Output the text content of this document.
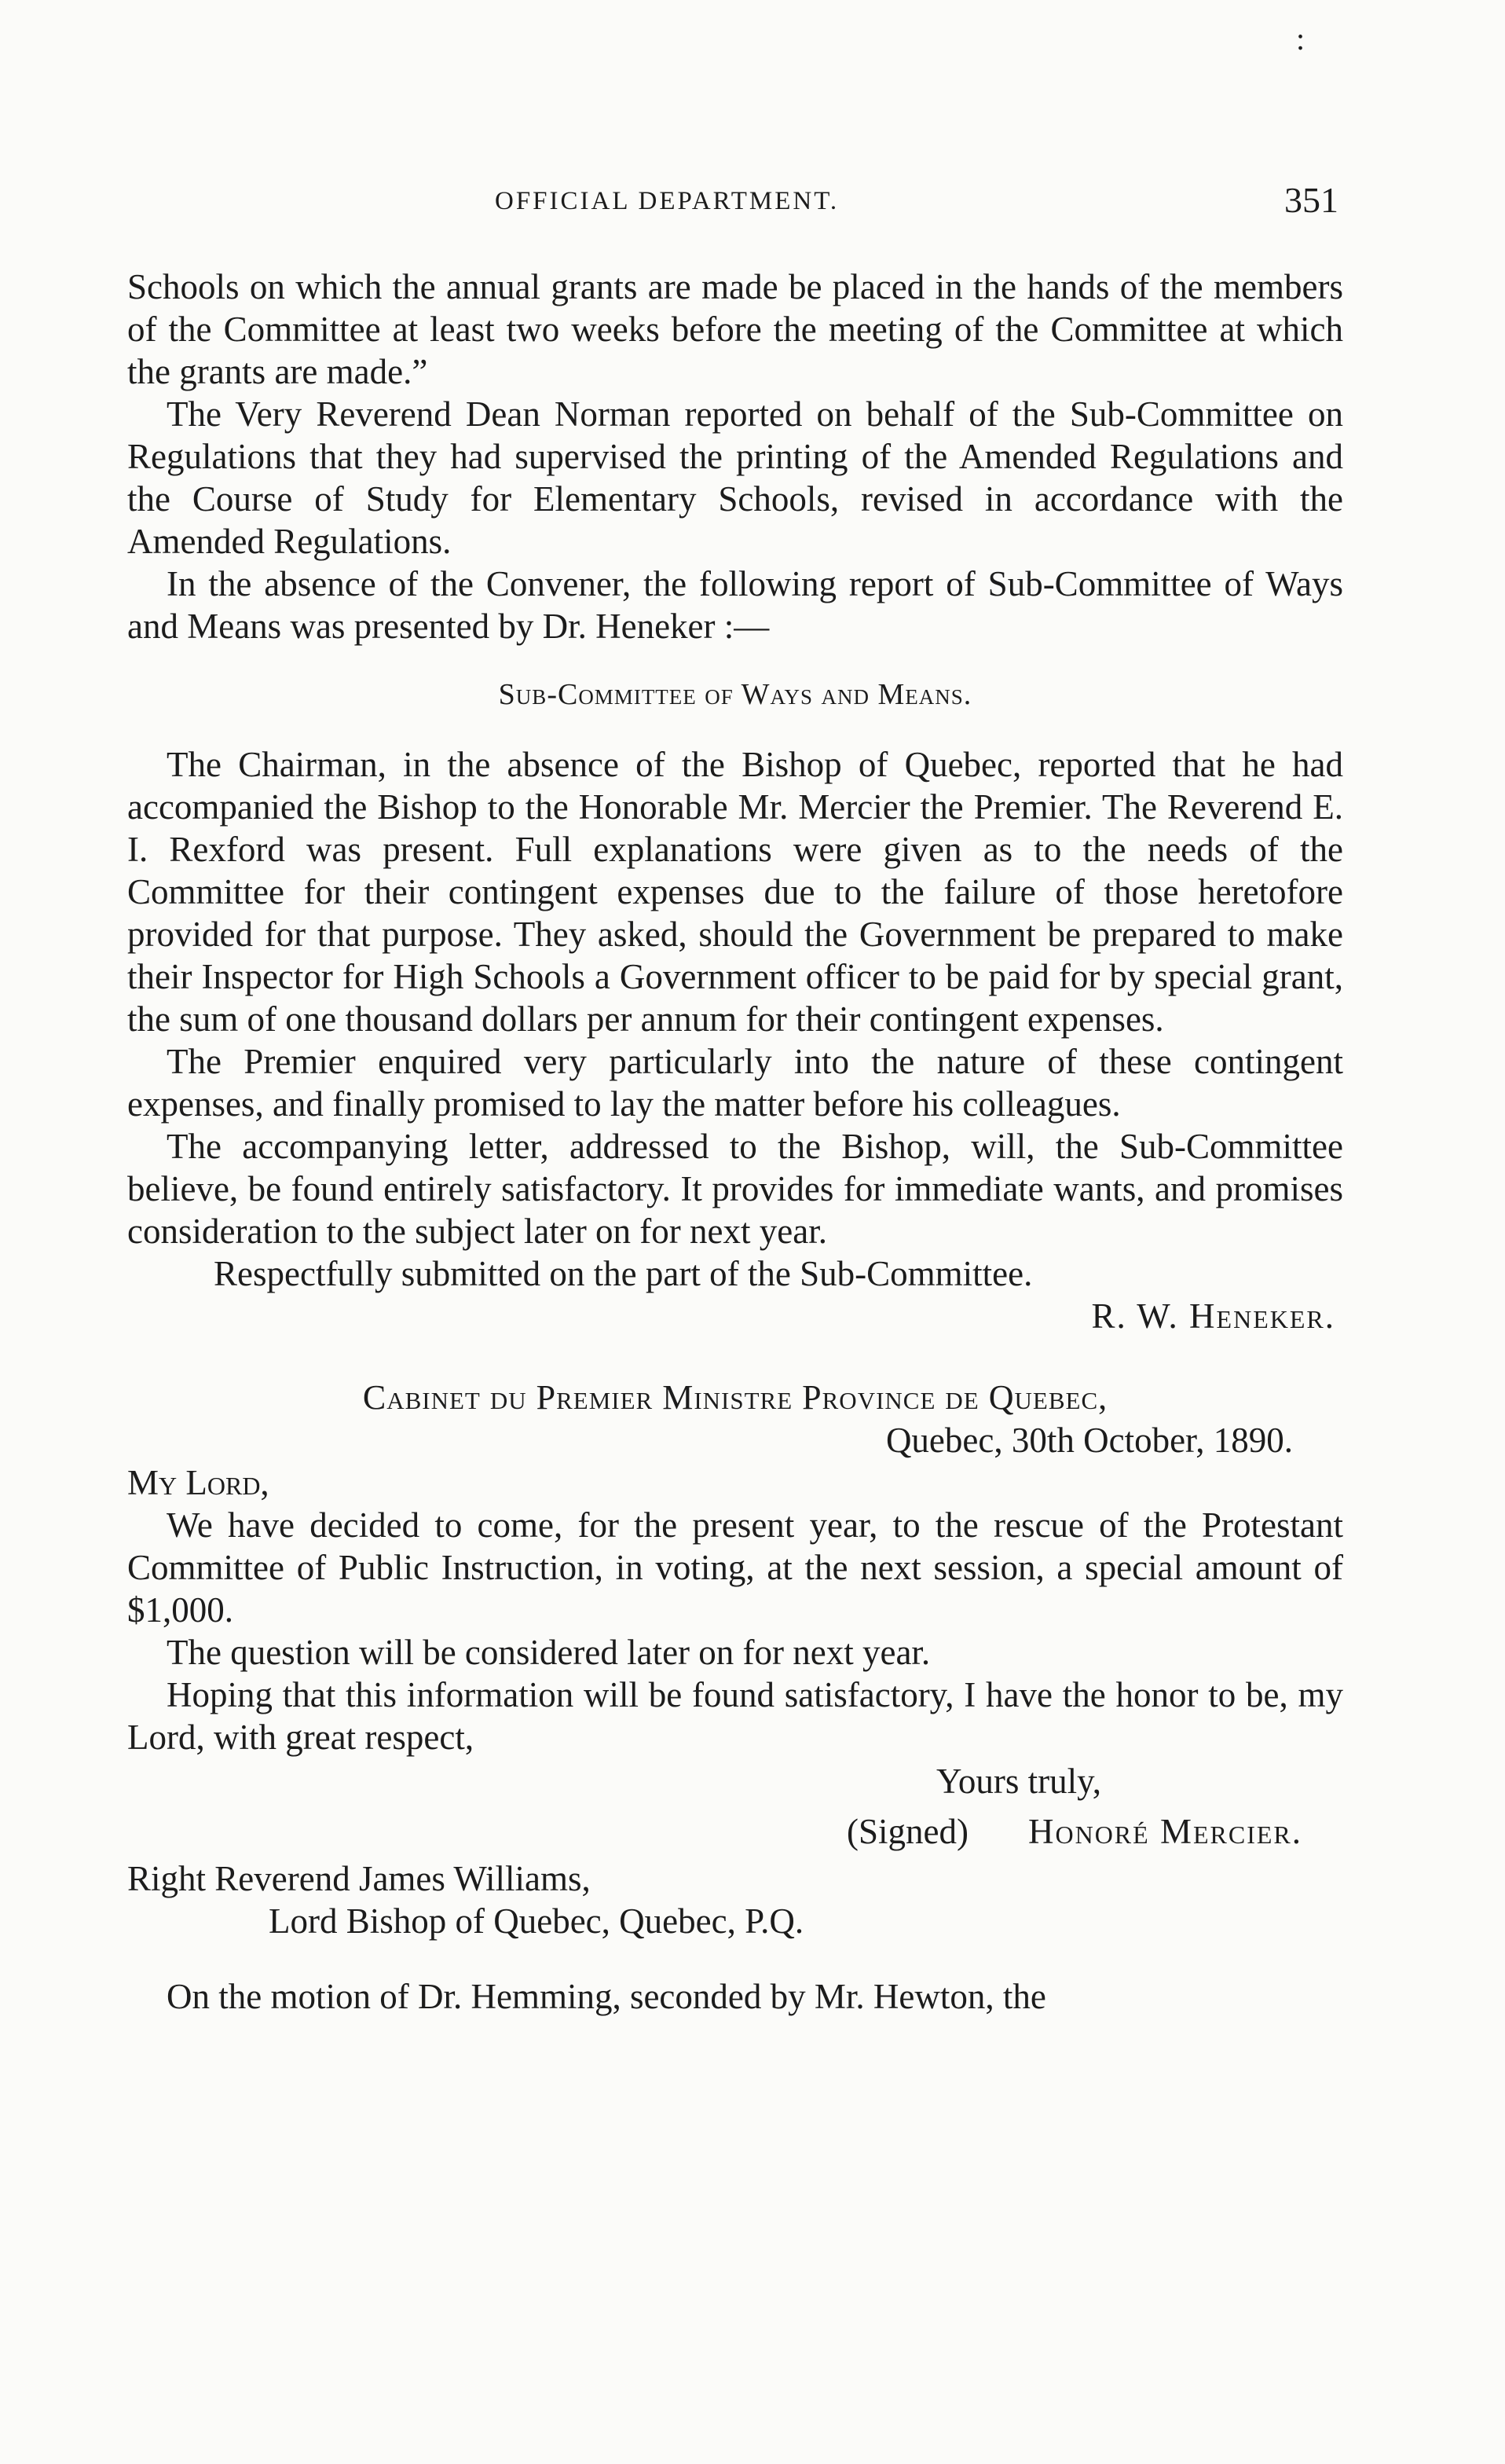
:
OFFICIAL DEPARTMENT.	351

Schools on which the annual grants are made be placed in the hands of the members of the Committee at least two weeks before the meeting of the Committee at which the grants are made.”

The Very Reverend Dean Norman reported on behalf of the Sub-Committee on Regulations that they had supervised the printing of the Amended Regulations and the Course of Study for Elementary Schools, revised in accordance with the Amended Regulations.

In the absence of the Convener, the following report of Sub-Committee of Ways and Means was presented by Dr. Heneker :—

Sub-Committee of Ways and Means.

The Chairman, in the absence of the Bishop of Quebec, reported that he had accompanied the Bishop to the Honorable Mr. Mercier the Premier. The Reverend E. I. Rexford was present. Full explanations were given as to the needs of the Committee for their contingent expenses due to the failure of those heretofore provided for that purpose. They asked, should the Government be prepared to make their Inspector for High Schools a Government officer to be paid for by special grant, the sum of one thousand dollars per annum for their contingent expenses.

The Premier enquired very particularly into the nature of these contingent expenses, and finally promised to lay the matter before his colleagues.

The accompanying letter, addressed to the Bishop, will, the Sub-Committee believe, be found entirely satisfactory. It provides for immediate wants, and promises consideration to the subject later on for next year.

Respectfully submitted on the part of the Sub-Committee.

R. W. Heneker.

Cabinet du Premier Ministre Province de Quebec,

Quebec, 30th October, 1890.

My Lord,

We have decided to come, for the present year, to the rescue of the Protestant Committee of Public Instruction, in voting, at the next session, a special amount of $1,000.

The question will be considered later on for next year.

Hoping that this information will be found satisfactory, I have the honor to be, my Lord, with great respect,

Yours truly,

(Signed) Honoré Mercier.

Right Reverend James Williams,

Lord Bishop of Quebec, Quebec, P.Q.

On the motion of Dr. Hemming, seconded by Mr. Hewton, the
